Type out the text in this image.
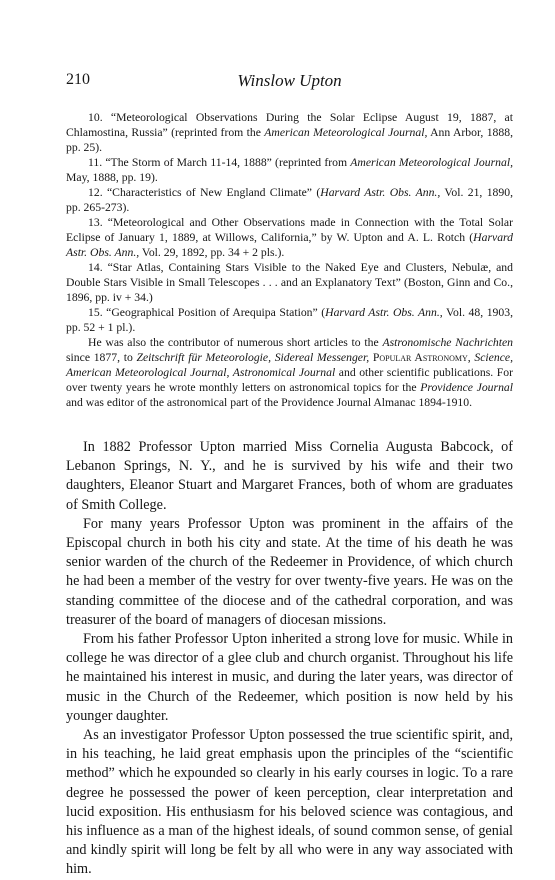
210	Winslow Upton

10. “Meteorological Observations During the Solar Eclipse August 19, 1887, at Chlamostina, Russia” (reprinted from the American Meteorological Journal, Ann Arbor, 1888, pp. 25).

11. “The Storm of March 11-14, 1888” (reprinted from American Meteorological Journal, May, 1888, pp. 19).

12. “Characteristics of New England Climate” (Harvard Astr. Obs. Ann., Vol. 21, 1890, pp. 265-273).

13. “Meteorological and Other Observations made in Connection with the Total Solar Eclipse of January 1, 1889, at Willows, California,” by W. Upton and A. L. Rotch (Harvard Astr. Obs. Ann., Vol. 29, 1892, pp. 34 + 2 pls.).

14. “Star Atlas, Containing Stars Visible to the Naked Eye and Clusters, Nebulæ, and Double Stars Visible in Small Telescopes . . . and an Explanatory Text” (Boston, Ginn and Co., 1896, pp. iv + 34.)

15. “Geographical Position of Arequipa Station” (Harvard Astr. Obs. Ann., Vol. 48, 1903, pp. 52 + 1 pl.).

He was also the contributor of numerous short articles to the Astronomische Nachrichten since 1877, to Zeitschrift für Meteorologie, Sidereal Messenger, Popular Astronomy, Science, American Meteorological Journal, Astronomical Journal and other scientific publications. For over twenty years he wrote monthly letters on astronomical topics for the Providence Journal and was editor of the astronomical part of the Providence Journal Almanac 1894-1910.

In 1882 Professor Upton married Miss Cornelia Augusta Babcock, of Lebanon Springs, N. Y., and he is survived by his wife and their two daughters, Eleanor Stuart and Margaret Frances, both of whom are graduates of Smith College.

For many years Professor Upton was prominent in the affairs of the Episcopal church in both his city and state. At the time of his death he was senior warden of the church of the Redeemer in Providence, of which church he had been a member of the vestry for over twenty-five years. He was on the standing committee of the diocese and of the cathedral corporation, and was treasurer of the board of managers of diocesan missions.

From his father Professor Upton inherited a strong love for music. While in college he was director of a glee club and church organist. Throughout his life he maintained his interest in music, and during the later years, was director of music in the Church of the Redeemer, which position is now held by his younger daughter.

As an investigator Professor Upton possessed the true scientific spirit, and, in his teaching, he laid great emphasis upon the principles of the “scientific method” which he expounded so clearly in his early courses in logic. To a rare degree he possessed the power of keen perception, clear interpretation and lucid exposition. His enthusiasm for his beloved science was contagious, and his influence as a man of the highest ideals, of sound common sense, of genial and kindly spirit will long be felt by all who were in any way associated with him.
